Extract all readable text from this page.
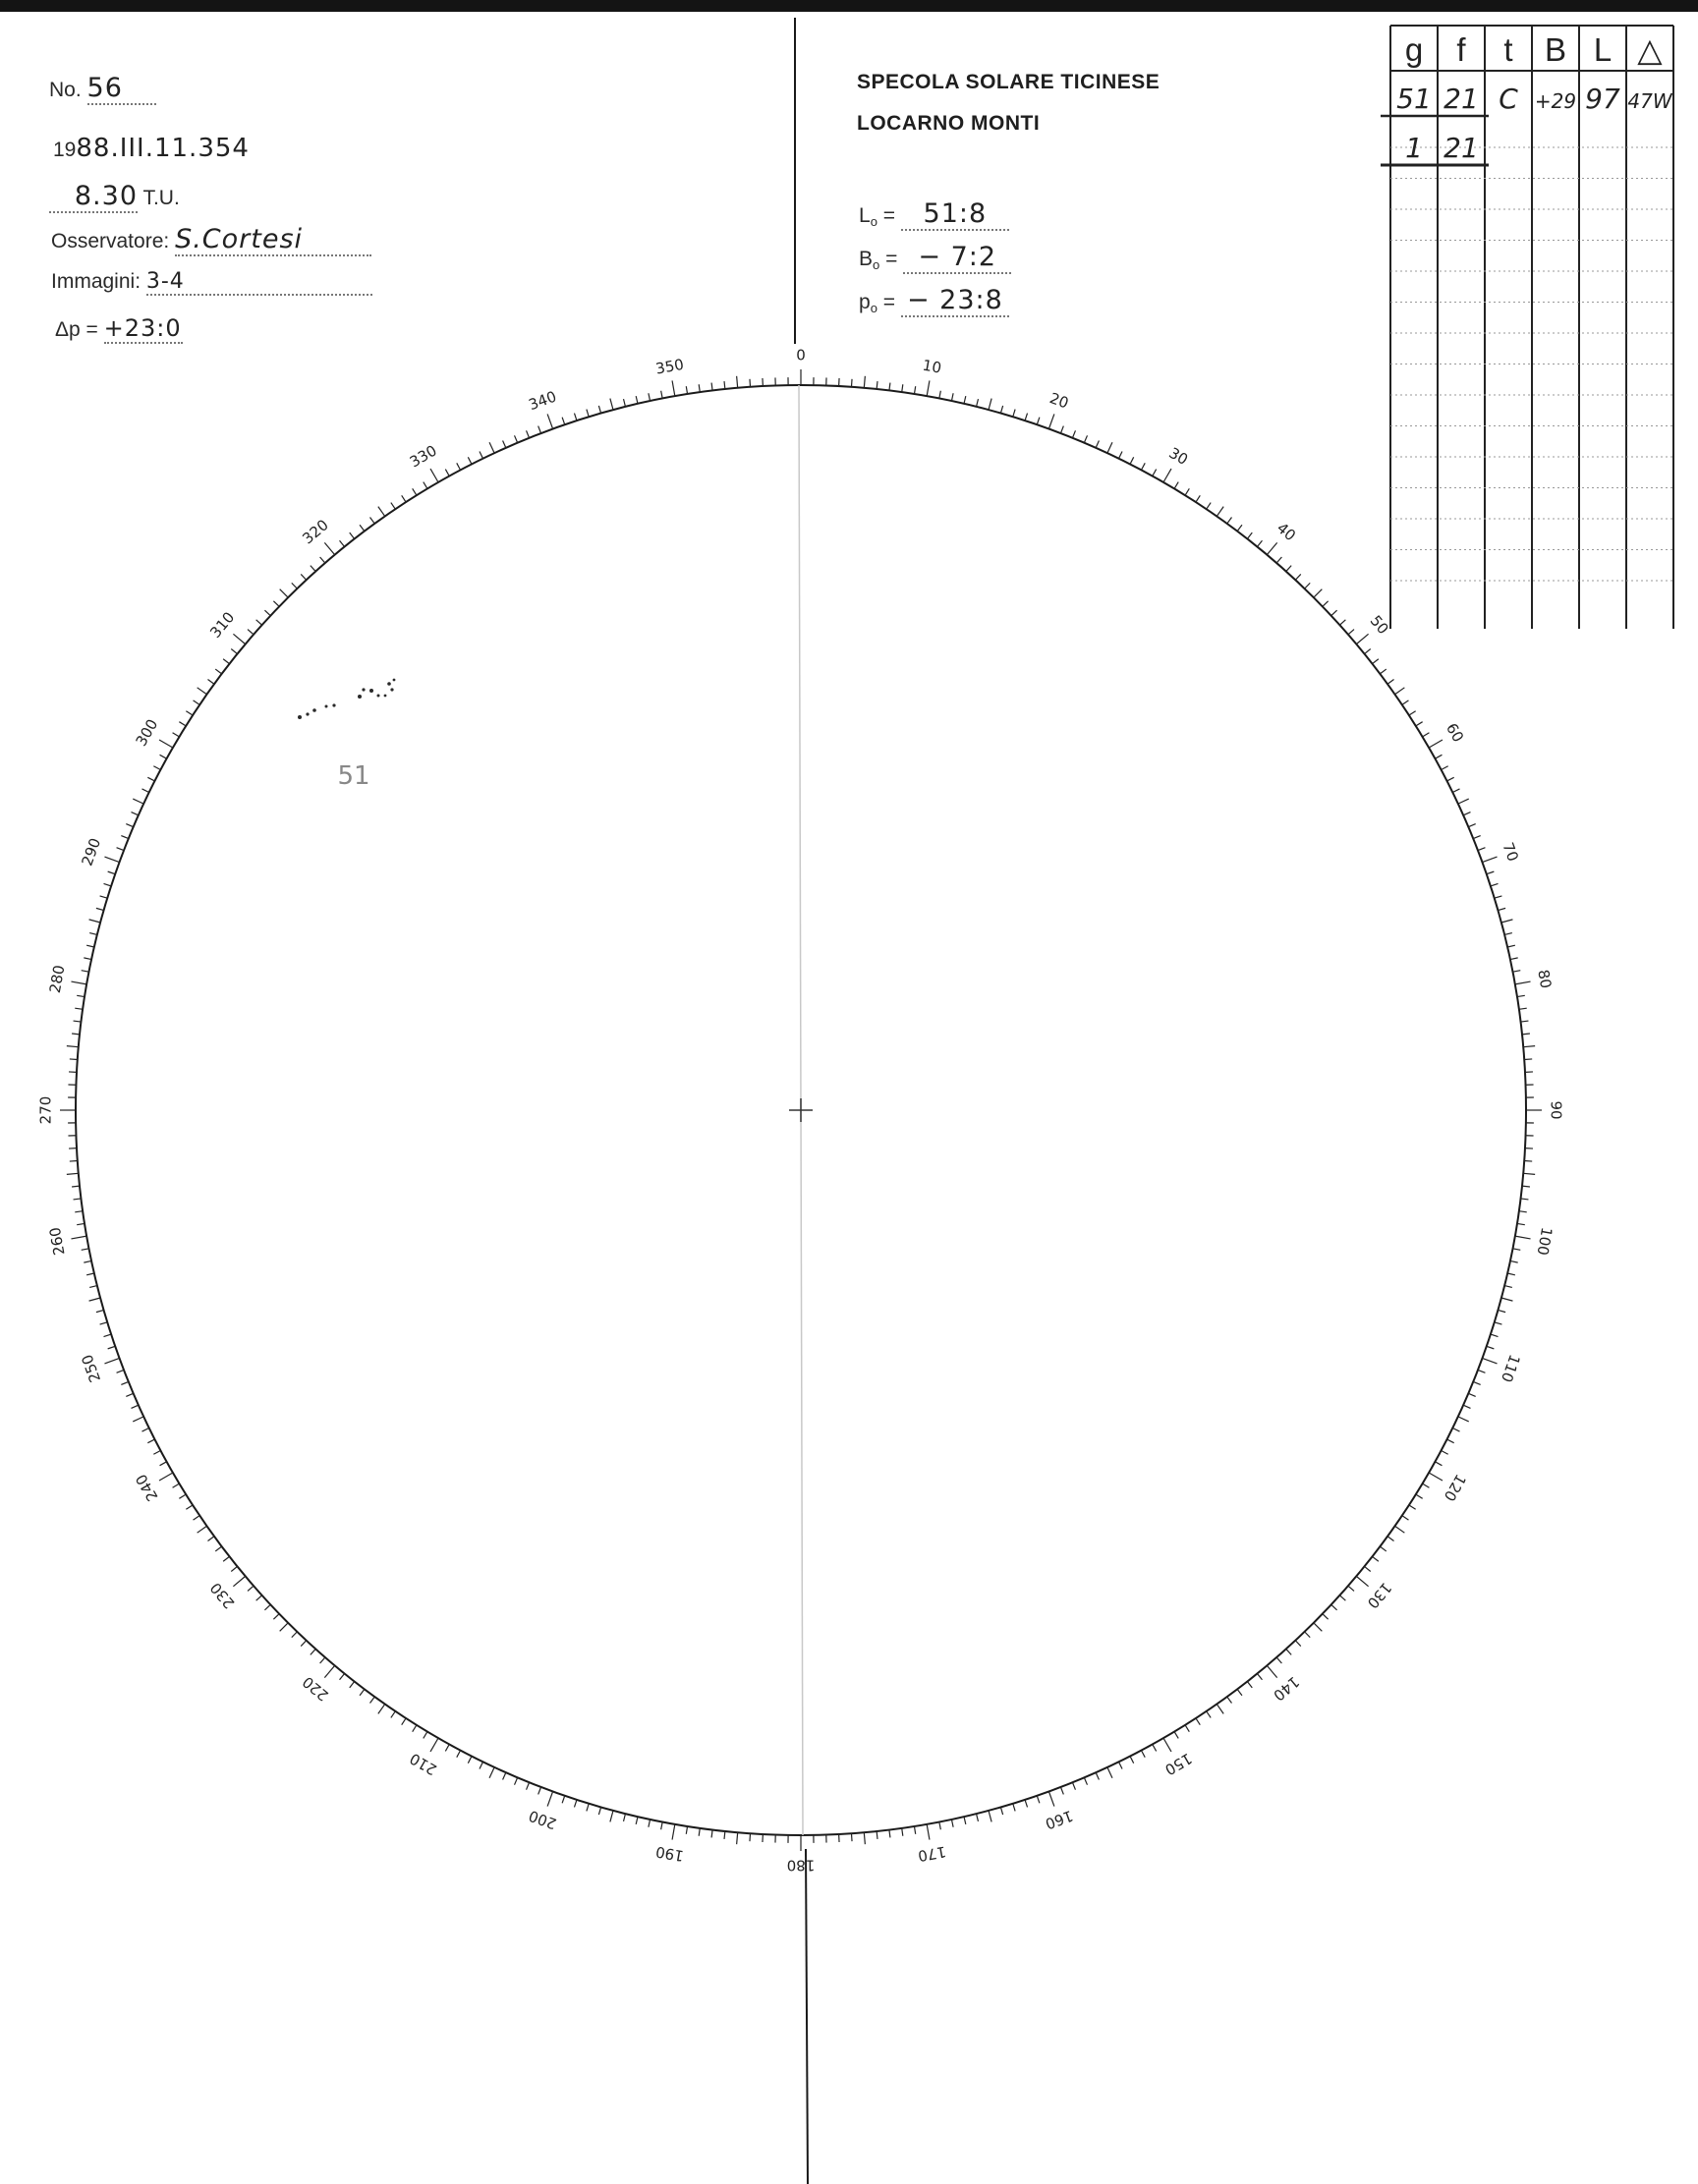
No. 56
1988.III.11.354
8.30 T.U.
Osservatore: S.Cortesi
Immagini: 3-4
Δp = +23:0
SPECOLA SOLARE TICINESE
LOCARNO MONTI
$L_o$ = 51:8
$B_o$ = − 7:2
$p_o$ = − 23:8
g f t B L △
51 21 C +29 97 47W
1 21
0
10
20
30
40
50
60
70
80
90
100
110
120
130
140
150
160
170
180
190
200
210
220
230
240
250
260
270
280
290
300
310
320
330
340
350
51
